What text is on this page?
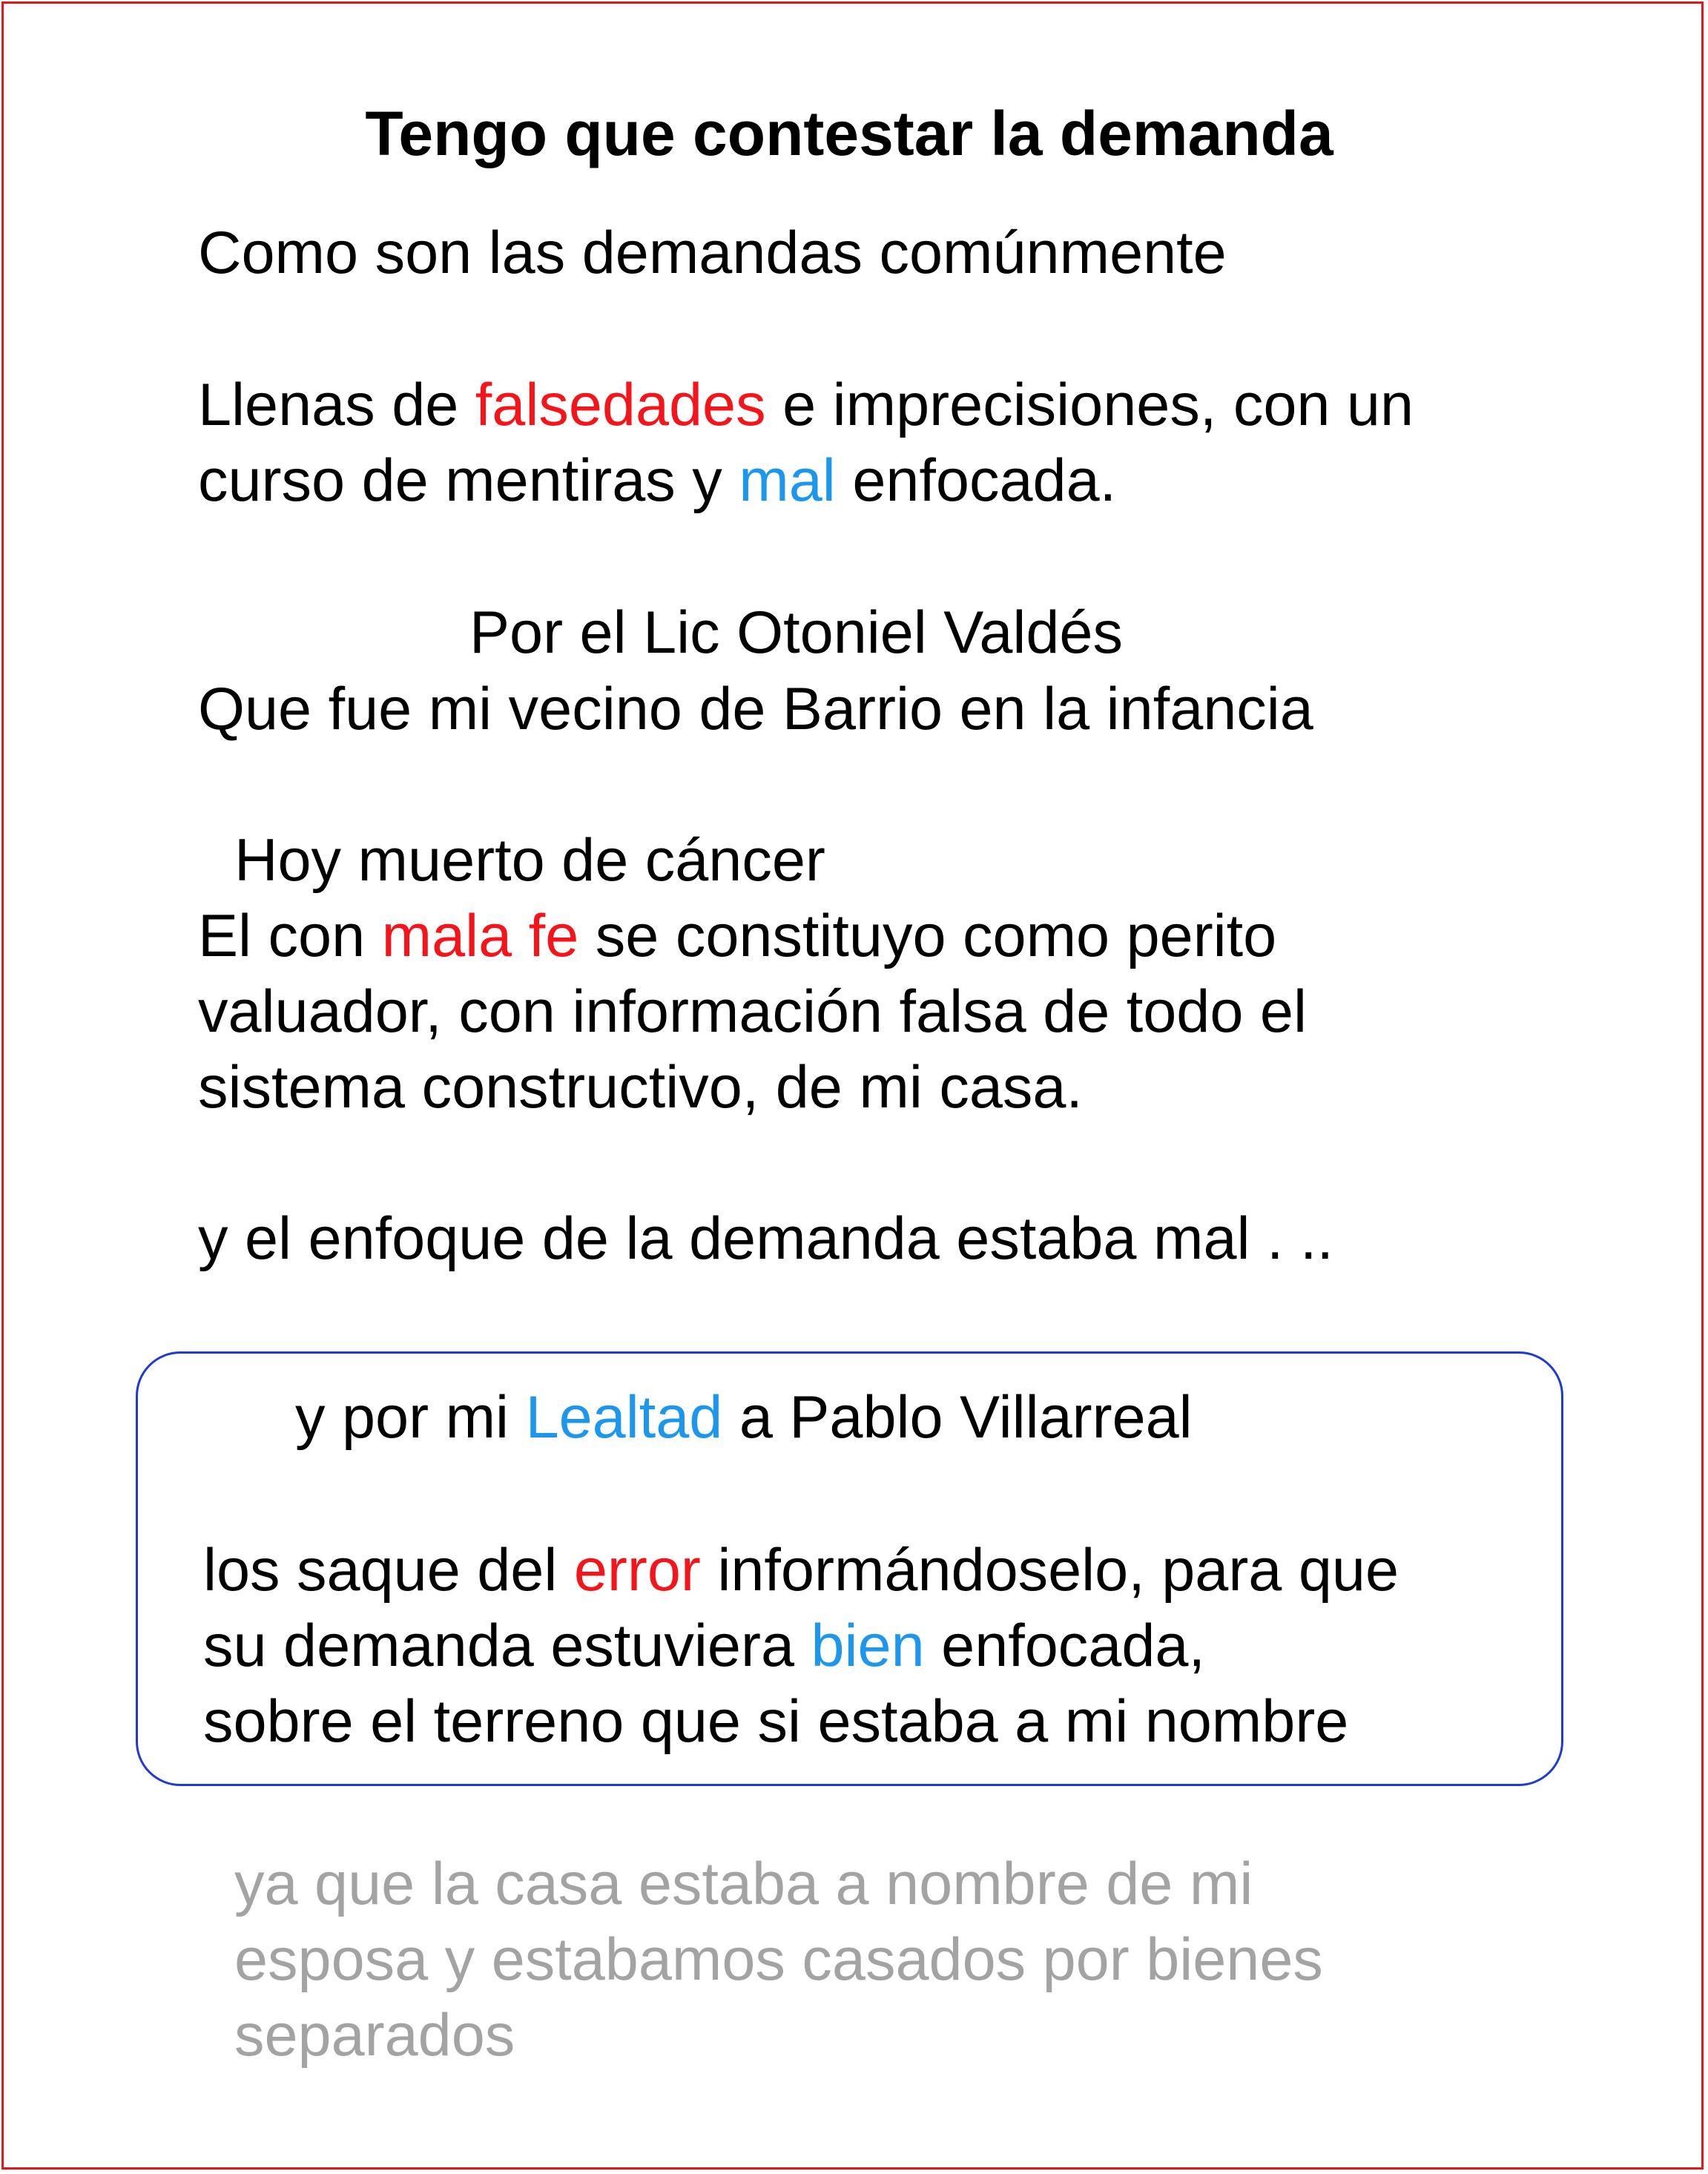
Tengo que contestar la demanda

Como son las demandas comúnmente

Llenas de falsedades e imprecisiones, con un

curso de mentiras y mal enfocada.

Por el Lic Otoniel Valdés

Que fue mi vecino de Barrio en la infancia

Hoy muerto de cáncer

El con mala fe se constituyo como perito

valuador, con información falsa de todo el

sistema constructivo, de mi casa.

y el enfoque de la demanda estaba mal . ..

y por mi Lealtad a Pablo Villarreal

los saque del error informándoselo, para que

su demanda estuviera bien enfocada,

sobre el terreno que si estaba a mi nombre

ya que la casa estaba a nombre de mi

esposa y estabamos casados por bienes

separados
